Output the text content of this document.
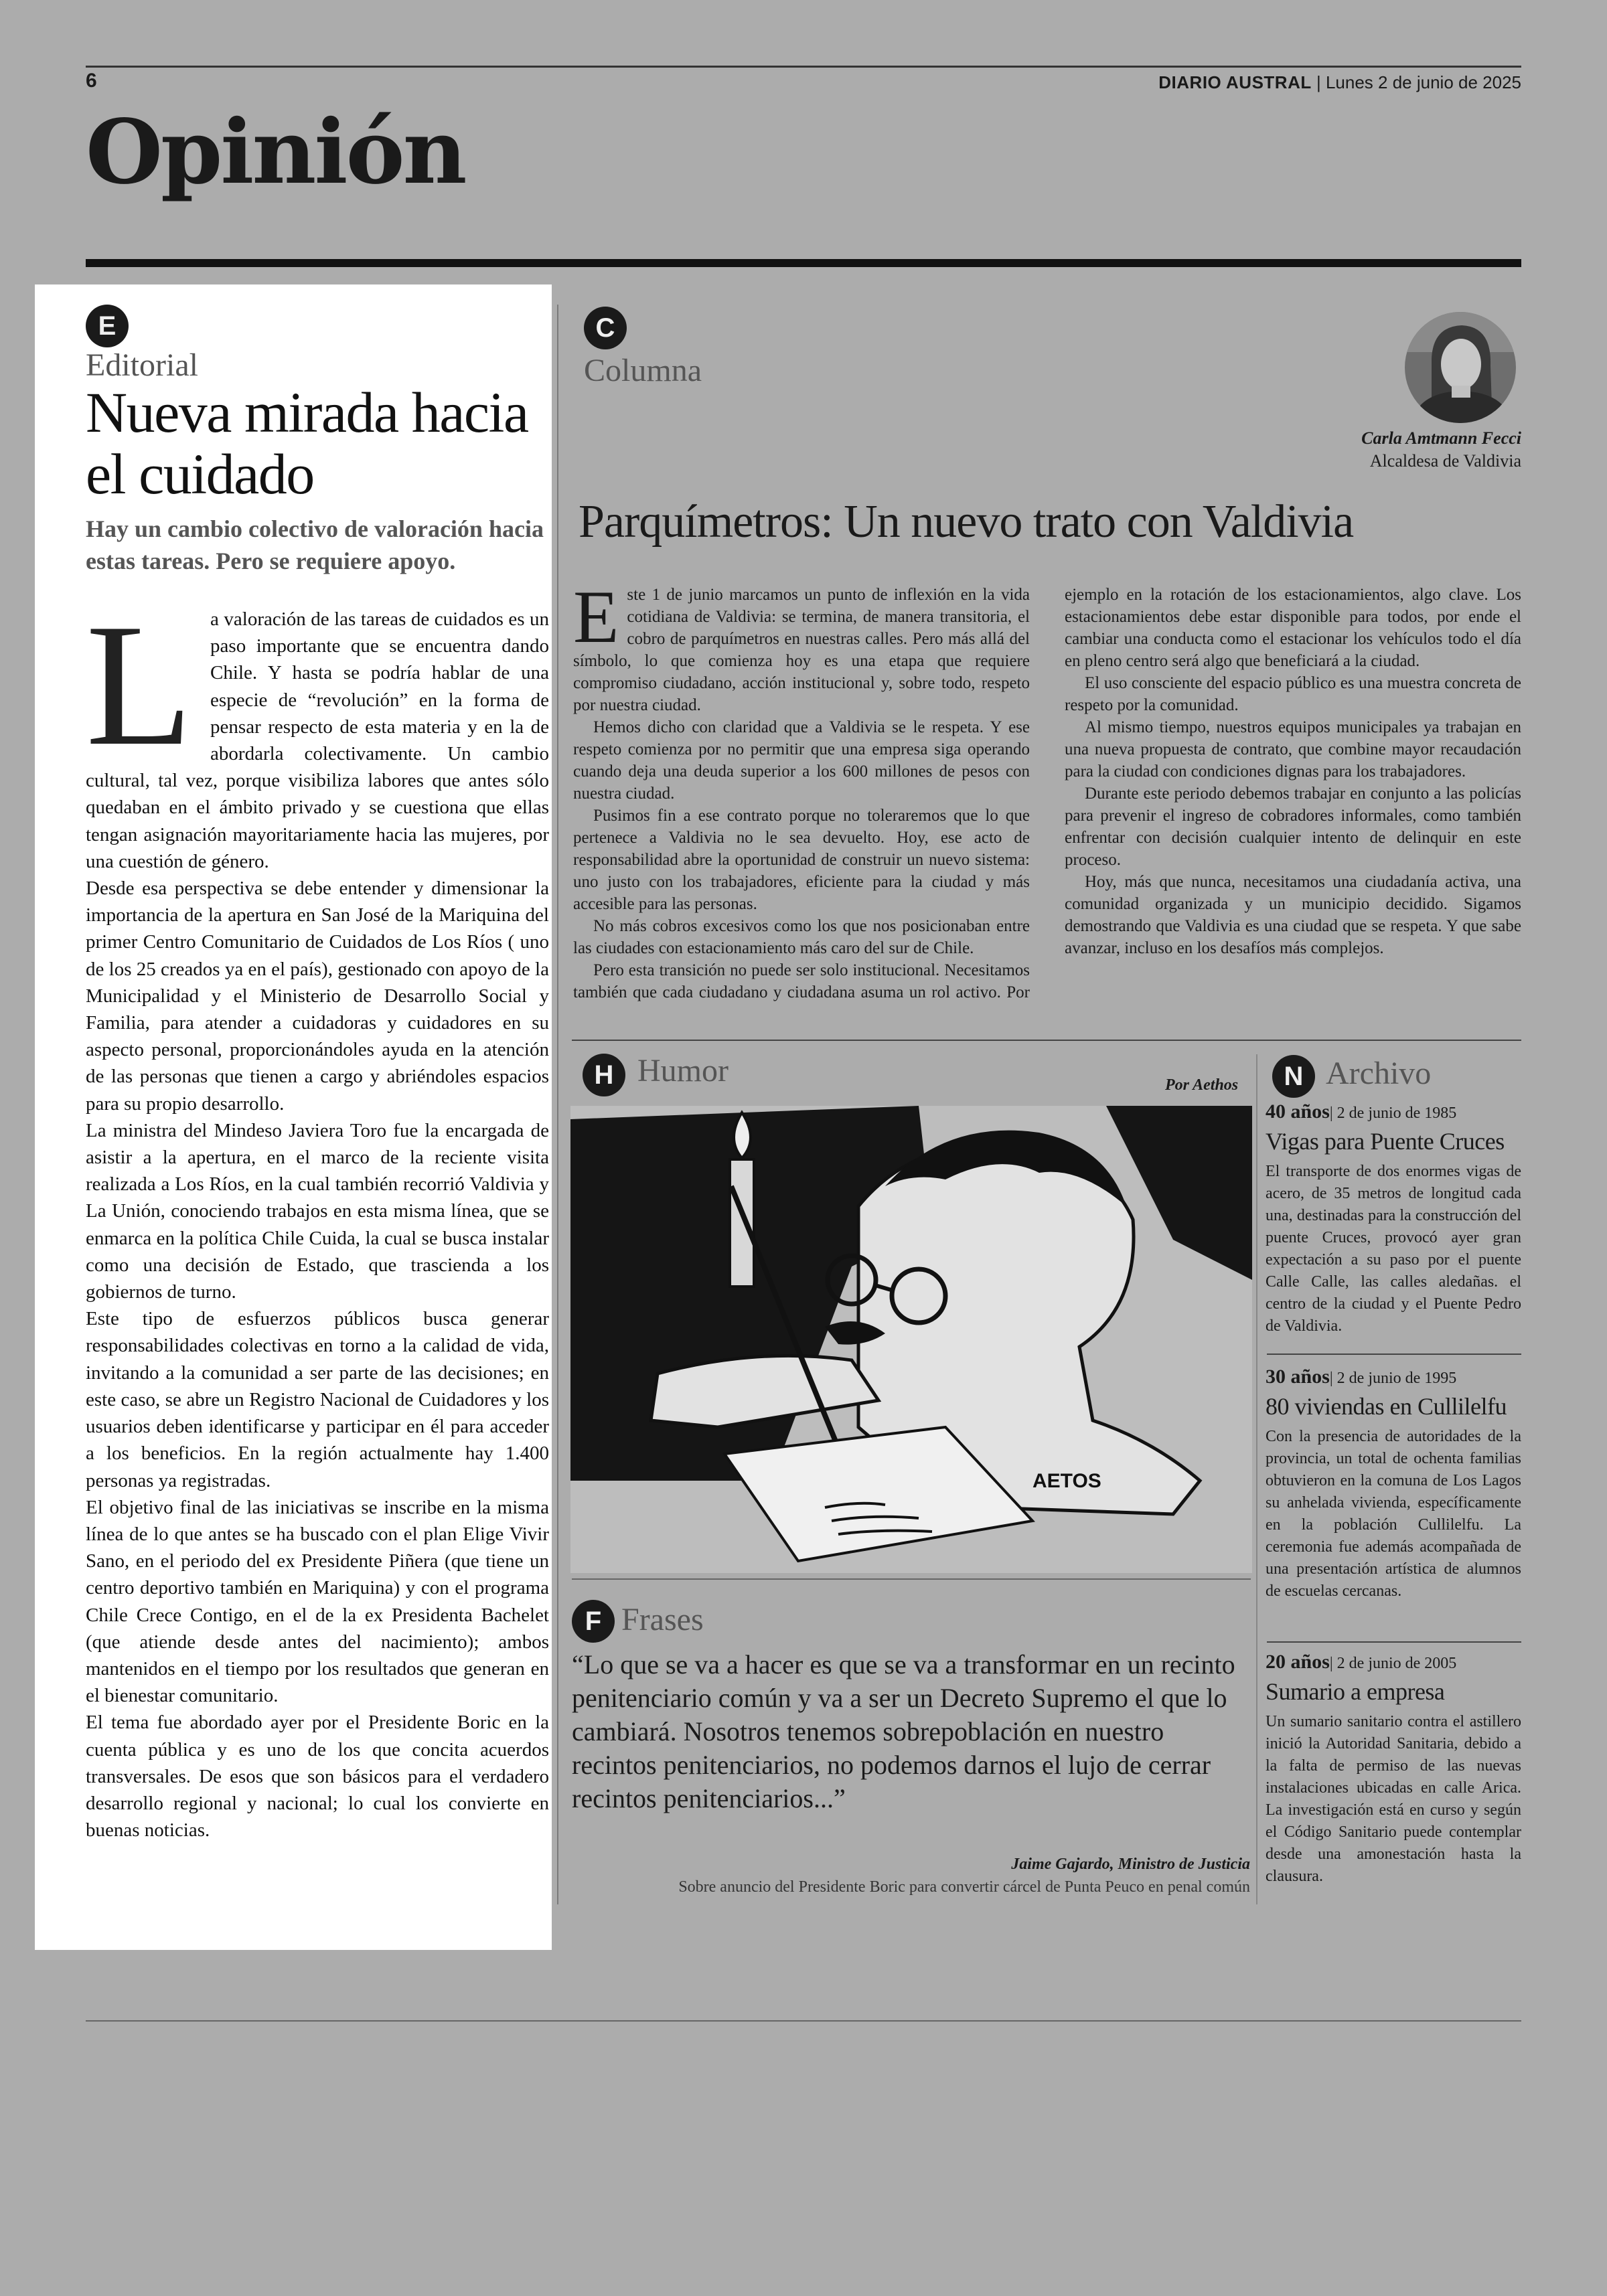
6	DIARIO AUSTRAL | Lunes 2 de junio de 2025
Opinión
E
Editorial
Nueva mirada hacia el cuidado
Hay un cambio colectivo de valoración hacia estas tareas. Pero se requiere apoyo.

La valoración de las tareas de cuidados es un paso importante que se encuentra dando Chile. Y hasta se podría hablar de una especie de “revolución” en la forma de pensar respecto de esta materia y en la de abordarla colectivamente. Un cambio cultural, tal vez, porque visibiliza labores que antes sólo quedaban en el ámbito privado y se cuestiona que ellas tengan asignación mayoritariamente hacia las mujeres, por una cuestión de género.

Desde esa perspectiva se debe entender y dimensionar la importancia de la apertura en San José de la Mariquina del primer Centro Comunitario de Cuidados de Los Ríos ( uno de los 25 creados ya en el país), gestionado con apoyo de la Municipalidad y el Ministerio de Desarrollo Social y Familia, para atender a cuidadoras y cuidadores en su aspecto personal, proporcionándoles ayuda en la atención de las personas que tienen a cargo y abriéndoles espacios para su propio desarrollo.

La ministra del Mindeso Javiera Toro fue la encargada de asistir a la apertura, en el marco de la reciente visita realizada a Los Ríos, en la cual también recorrió Valdivia y La Unión, conociendo trabajos en esta misma línea, que se enmarca en la política Chile Cuida, la cual se busca instalar como una decisión de Estado, que trascienda a los gobiernos de turno.

Este tipo de esfuerzos públicos busca generar responsabilidades colectivas en torno a la calidad de vida, invitando a la comunidad a ser parte de las decisiones; en este caso, se abre un Registro Nacional de Cuidadores y los usuarios deben identificarse y participar en él para acceder a los beneficios. En la región actualmente hay 1.400 personas ya registradas.

El objetivo final de las iniciativas se inscribe en la misma línea de lo que antes se ha buscado con el plan Elige Vivir Sano, en el periodo del ex Presidente Piñera (que tiene un centro deportivo también en Mariquina) y con el programa Chile Crece Contigo, en el de la ex Presidenta Bachelet (que atiende desde antes del nacimiento); ambos mantenidos en el tiempo por los resultados que generan en el bienestar comunitario.

El tema fue abordado ayer por el Presidente Boric en la cuenta pública y es uno de los que concita acuerdos transversales. De esos que son básicos para el verdadero desarrollo regional y nacional; lo cual los convierte en buenas noticias.

C
Columna
Carla Amtmann Fecci
Alcaldesa de Valdivia
Parquímetros: Un nuevo trato con Valdivia

Este 1 de junio marcamos un punto de inflexión en la vida cotidiana de Valdivia: se termina, de manera transitoria, el cobro de parquímetros en nuestras calles. Pero más allá del símbolo, lo que comienza hoy es una etapa que requiere compromiso ciudadano, acción institucional y, sobre todo, respeto por nuestra ciudad.

Hemos dicho con claridad que a Valdivia se le respeta. Y ese respeto comienza por no permitir que una empresa siga operando cuando deja una deuda superior a los 600 millones de pesos con nuestra ciudad.

Pusimos fin a ese contrato porque no toleraremos que lo que pertenece a Valdivia no le sea devuelto. Hoy, ese acto de responsabilidad abre la oportunidad de construir un nuevo sistema: uno justo con los trabajadores, eficiente para la ciudad y más accesible para las personas.

No más cobros excesivos como los que nos posicionaban entre las ciudades con estacionamiento más caro del sur de Chile.

Pero esta transición no puede ser solo institucional. Necesitamos también que cada ciudadano y ciudadana asuma un rol activo. Por ejemplo en la rotación de los estacionamientos, algo clave. Los estacionamientos debe estar disponible para todos, por ende el cambiar una conducta como el estacionar los vehículos todo el día en pleno centro será algo que beneficiará a la ciudad.

El uso consciente del espacio público es una muestra concreta de respeto por la comunidad.

Al mismo tiempo, nuestros equipos municipales ya trabajan en una nueva propuesta de contrato, que combine mayor recaudación para la ciudad con condiciones dignas para los trabajadores.

Durante este periodo debemos trabajar en conjunto a las policías para prevenir el ingreso de cobradores informales, como también enfrentar con decisión cualquier intento de delinquir en este proceso.

Hoy, más que nunca, necesitamos una ciudadanía activa, una comunidad organizada y un municipio decidido. Sigamos demostrando que Valdivia es una ciudad que se respeta. Y que sabe avanzar, incluso en los desafíos más complejos.

H Humor	Por Aethos
AETOS
F Frases
“Lo que se va a hacer es que se va a transformar en un recinto penitenciario común y va a ser un Decreto Supremo el que lo cambiará. Nosotros tenemos sobrepoblación en nuestro recintos penitenciarios, no podemos darnos el lujo de cerrar recintos penitenciarios...”
Jaime Gajardo, Ministro de Justicia
Sobre anuncio del Presidente Boric para convertir cárcel de Punta Peuco en penal común
N Archivo
40 años| 2 de junio de 1985
Vigas para Puente Cruces
El transporte de dos enormes vigas de acero, de 35 metros de longitud cada una, destinadas para la construcción del puente Cruces, provocó ayer gran expectación a su paso por el puente Calle Calle, las calles aledañas. el centro de la ciudad y el Puente Pedro de Valdivia.
30 años| 2 de junio de 1995
80 viviendas en Cullilelfu
Con la presencia de autoridades de la provincia, un total de ochenta familias obtuvieron en la comuna de Los Lagos su anhelada vivienda, específicamente en la población Cullilelfu. La ceremonia fue además acompañada de una presentación artística de alumnos de escuelas cercanas.
20 años| 2 de junio de 2005
Sumario a empresa
Un sumario sanitario contra el astillero inició la Autoridad Sanitaria, debido a la falta de permiso de las nuevas instalaciones ubicadas en calle Arica. La investigación está en curso y según el Código Sanitario puede contemplar desde una amonestación hasta la clausura.
